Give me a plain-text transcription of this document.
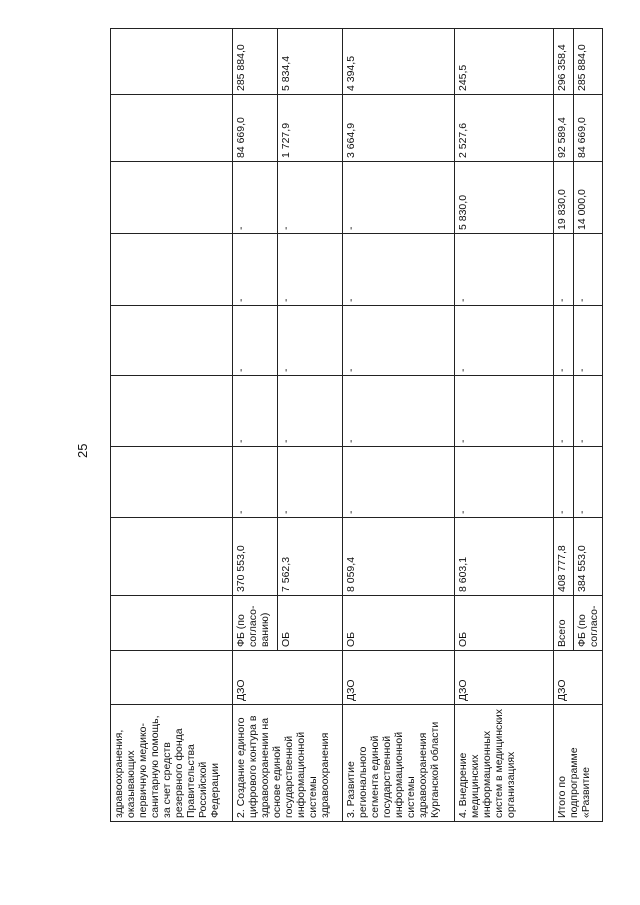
25
здравоохранения, оказывающих первичную медико-санитарную помощь, за счет средств резервного фонда Правительства Российской Федерации										
2. Создание единого цифрового контура в здравоохранении на основе единой государственной информационной системы здравоохранения	ДЗО	ФБ (по согласо-ванию)	370 553,0	-	-	-	-	-	84 669,0	285 884,0
		ОБ	7 562,3	-	-	-	-	-	1 727,9	5 834,4
3. Развитие регионального сегмента единой государственной информационной системы здравоохранения Курганской области	ДЗО	ОБ	8 059,4	-	-	-	-	-	3 664,9	4 394,5
4. Внедрение медицинских информационных систем в медицинских организациях	ДЗО	ОБ	8 603,1	-	-	-	-	5 830,0	2 527,6	245,5
Итого по подпрограмме «Развитие	ДЗО	Всего	408 777,8	-	-	-	-	19 830,0	92 589,4	296 358,4
		ФБ (по согласо-	384 553,0	-	-	-	-	14 000,0	84 669,0	285 884,0
